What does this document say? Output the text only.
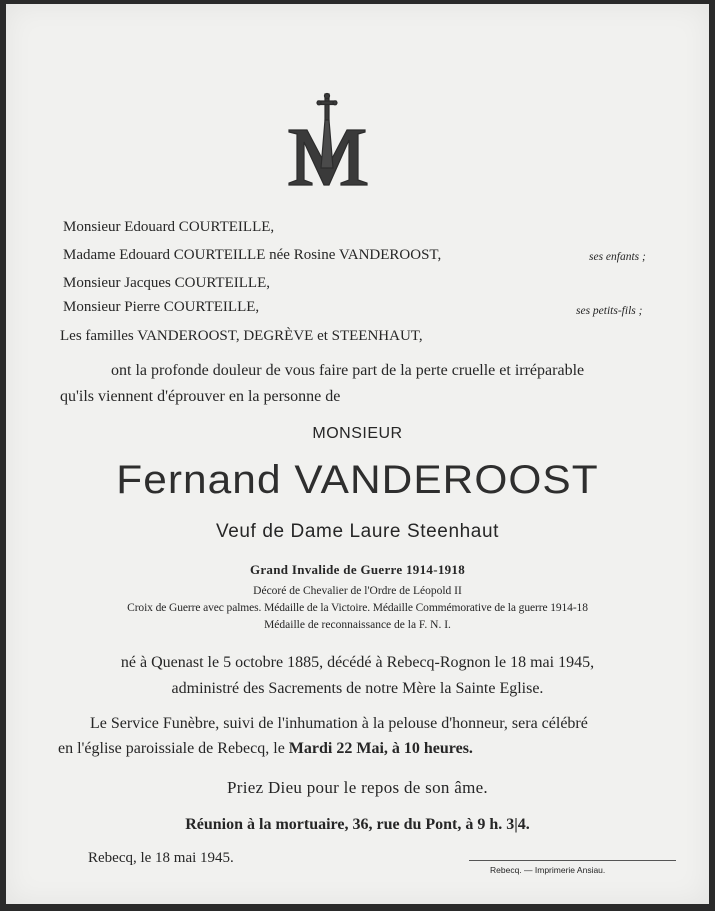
Monsieur Edouard COURTEILLE,
Madame Edouard COURTEILLE née Rosine VANDEROOST,	ses enfants ;
Monsieur Jacques COURTEILLE,
Monsieur Pierre COURTEILLE,	ses petits-fils ;
Les familles VANDEROOST, DEGRÈVE et STEENHAUT,
ont la profonde douleur de vous faire part de la perte cruelle et irréparable
qu'ils viennent d'éprouver en la personne de
MONSIEUR
Fernand VANDEROOST
Veuf de Dame Laure Steenhaut
Grand Invalide de Guerre 1914-1918
Décoré de Chevalier de l'Ordre de Léopold II
Croix de Guerre avec palmes. Médaille de la Victoire. Médaille Commémorative de la guerre 1914-18
Médaille de reconnaissance de la F. N. I.
né à Quenast le 5 octobre 1885, décédé à Rebecq-Rognon le 18 mai 1945,
administré des Sacrements de notre Mère la Sainte Eglise.
Le Service Funèbre, suivi de l'inhumation à la pelouse d'honneur, sera célébré
en l'église paroissiale de Rebecq, le Mardi 22 Mai, à 10 heures.
Priez Dieu pour le repos de son âme.
Réunion à la mortuaire, 36, rue du Pont, à 9 h. 3|4.
Rebecq, le 18 mai 1945.
Rebecq. — Imprimerie Ansiau.
